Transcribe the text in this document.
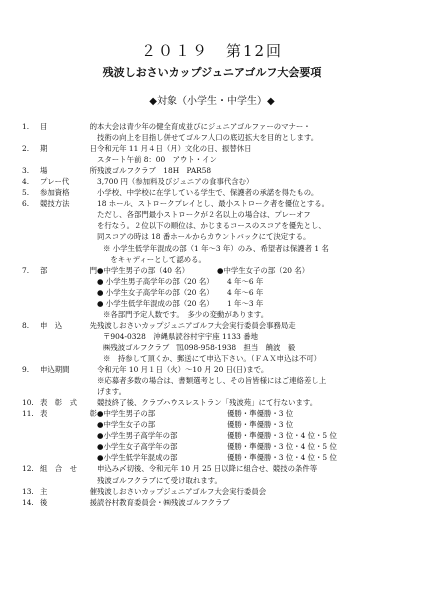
２０１９　第12回
残波しおさいカップジュニアゴルフ大会要項
◆対象（小学生・中学生）◆
1.	目	的 本大会は青少年の健全育成並びにジュニアゴルファーのマナー・
技術の向上を目指し併せてゴルフ人口の底辺拡大を目的とします。
2.	期	日 令和元年 11 月４日（月）文化の日、振替休日
スタート午前 8：00　アウト・イン
3.	場	所 残波ゴルフクラブ　18H　PAR58
4.	プレー代	3,700 円（参加料及びジュニアの食事代含む）
5.	参加資格	小学校、中学校に在学している学生で、保護者の承諾を得たもの。
6.	競技方法	18 ホール、ストロークプレイとし、最小ストローク者を優位とする。
ただし、各部門最小ストロークが２名以上の場合は、プレーオフ
を行なう。２位以下の順位は、かじまるコースのスコアを優先とし、
同スコアの時は 18 番ホールからカウントバックにて決定する。
※ 小学生低学年混成の部（1 年～3 年）のみ、希望者は保護者 1 名
　をキャディーとして認める。
7.	部	門 ●中学生男子の部（40 名）	●中学生女子の部（20 名）
● 小学生男子高学年の部（20 名） 4 年～6 年
● 小学生女子高学年の部（20 名） 4 年～6 年
● 小学生低学年混成の部（20 名） 1 年～3 年
※各部門予定人数です。　多少の変動があります。
8.	申　込	先 残波しおさいカップジュニアゴルフ大会実行委員会事務局走
〒904-0328　沖縄県読谷村宇宇座 1133 番地
㈱残波ゴルフクラブ　℡098-958-1938　担当　饒波　毅
※　持参して頂くか、郵送にて申込下さい。（ＦＡＸ申込は不可）
9.	申込期間	令和元年 10 月１日（火）～10 月 20 日(日)まで。
※応募者多数の場合は、書類選考とし、その旨皆様にはご連絡差し上
げます。
10. 表　彰　式	競技終了後、クラブハウスレストラン「残波苑」にて行ないます。
11. 表	彰 ●中学生男子の部	優勝・準優勝・3 位
●中学生女子の部	優勝・準優勝・3 位
●小学生男子高学年の部	優勝・準優勝・3 位・4 位・5 位
●小学生女子高学年の部	優勝・準優勝・3 位・4 位・5 位
●小学生低学年混成の部	優勝・準優勝・3 位・4 位・5 位
12. 組　合　せ	申込み〆切後、令和元年 10 月 25 日以降に組合せ、競技の条件等
残波ゴルフクラブにて受け取れます。
13. 主	催 残波しおさいカップジュニアゴルフ大会実行委員会
14. 後	援 読谷村教育委員会・㈱残波ゴルフクラブ
